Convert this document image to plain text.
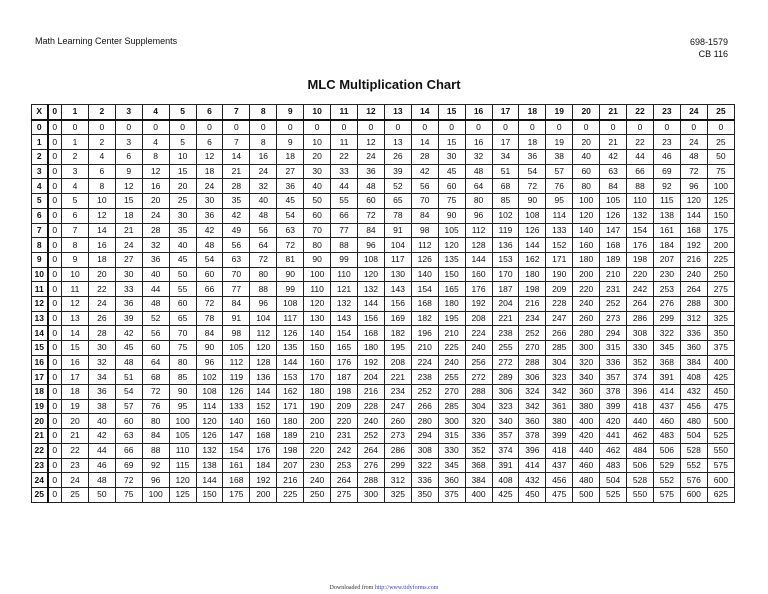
Math Learning Center Supplements	698-1579
CB 116
MLC Multiplication Chart
X	0	1	2	3	4	5	6	7	8	9	10	11	12	13	14	15	16	17	18	19	20	21	22	23	24	25
0	0	0	0	0	0	0	0	0	0	0	0	0	0	0	0	0	0	0	0	0	0	0	0	0	0	0
1	0	1	2	3	4	5	6	7	8	9	10	11	12	13	14	15	16	17	18	19	20	21	22	23	24	25
2	0	2	4	6	8	10	12	14	16	18	20	22	24	26	28	30	32	34	36	38	40	42	44	46	48	50
3	0	3	6	9	12	15	18	21	24	27	30	33	36	39	42	45	48	51	54	57	60	63	66	69	72	75
4	0	4	8	12	16	20	24	28	32	36	40	44	48	52	56	60	64	68	72	76	80	84	88	92	96	100
5	0	5	10	15	20	25	30	35	40	45	50	55	60	65	70	75	80	85	90	95	100	105	110	115	120	125
6	0	6	12	18	24	30	36	42	48	54	60	66	72	78	84	90	96	102	108	114	120	126	132	138	144	150
7	0	7	14	21	28	35	42	49	56	63	70	77	84	91	98	105	112	119	126	133	140	147	154	161	168	175
8	0	8	16	24	32	40	48	56	64	72	80	88	96	104	112	120	128	136	144	152	160	168	176	184	192	200
9	0	9	18	27	36	45	54	63	72	81	90	99	108	117	126	135	144	153	162	171	180	189	198	207	216	225
10	0	10	20	30	40	50	60	70	80	90	100	110	120	130	140	150	160	170	180	190	200	210	220	230	240	250
11	0	11	22	33	44	55	66	77	88	99	110	121	132	143	154	165	176	187	198	209	220	231	242	253	264	275
12	0	12	24	36	48	60	72	84	96	108	120	132	144	156	168	180	192	204	216	228	240	252	264	276	288	300
13	0	13	26	39	52	65	78	91	104	117	130	143	156	169	182	195	208	221	234	247	260	273	286	299	312	325
14	0	14	28	42	56	70	84	98	112	126	140	154	168	182	196	210	224	238	252	266	280	294	308	322	336	350
15	0	15	30	45	60	75	90	105	120	135	150	165	180	195	210	225	240	255	270	285	300	315	330	345	360	375
16	0	16	32	48	64	80	96	112	128	144	160	176	192	208	224	240	256	272	288	304	320	336	352	368	384	400
17	0	17	34	51	68	85	102	119	136	153	170	187	204	221	238	255	272	289	306	323	340	357	374	391	408	425
18	0	18	36	54	72	90	108	126	144	162	180	198	216	234	252	270	288	306	324	342	360	378	396	414	432	450
19	0	19	38	57	76	95	114	133	152	171	190	209	228	247	266	285	304	323	342	361	380	399	418	437	456	475
20	0	20	40	60	80	100	120	140	160	180	200	220	240	260	280	300	320	340	360	380	400	420	440	460	480	500
21	0	21	42	63	84	105	126	147	168	189	210	231	252	273	294	315	336	357	378	399	420	441	462	483	504	525
22	0	22	44	66	88	110	132	154	176	198	220	242	264	286	308	330	352	374	396	418	440	462	484	506	528	550
23	0	23	46	69	92	115	138	161	184	207	230	253	276	299	322	345	368	391	414	437	460	483	506	529	552	575
24	0	24	48	72	96	120	144	168	192	216	240	264	288	312	336	360	384	408	432	456	480	504	528	552	576	600
25	0	25	50	75	100	125	150	175	200	225	250	275	300	325	350	375	400	425	450	475	500	525	550	575	600	625
Downloaded from http://www.tidyforms.com
